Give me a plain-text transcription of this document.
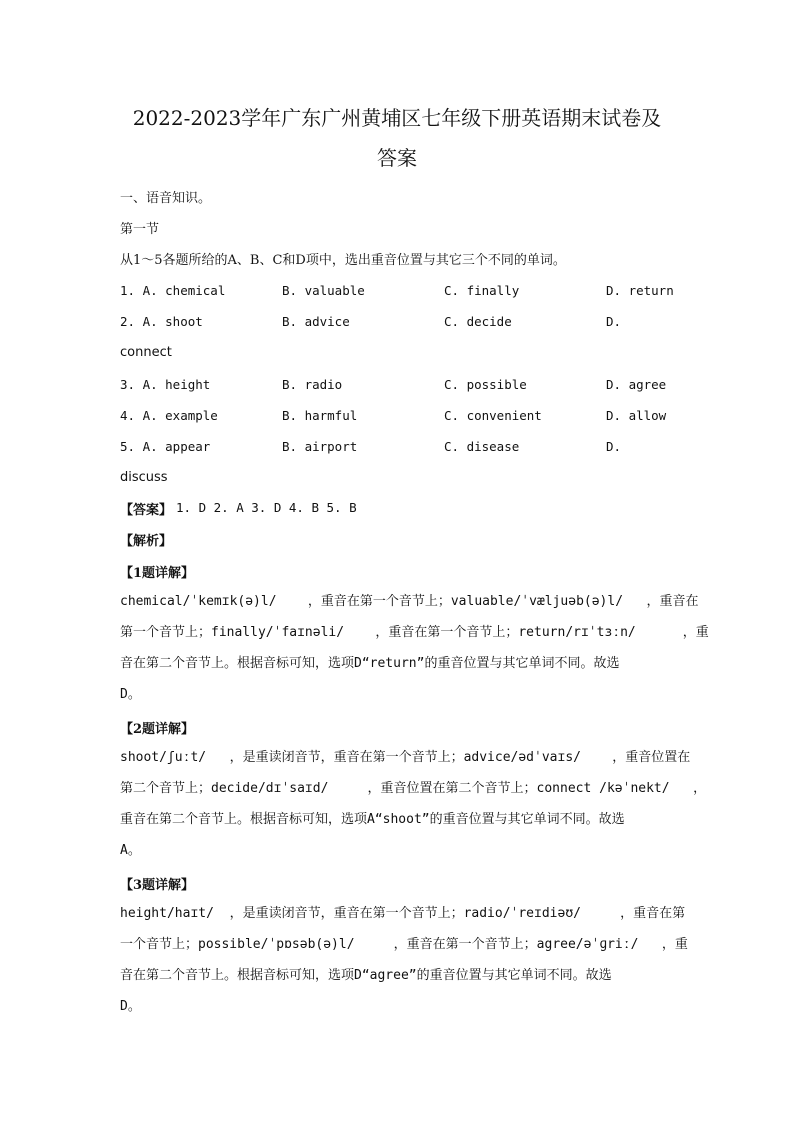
2022-2023学年广东广州黄埔区七年级下册英语期末试卷及
答案
一、语音知识。
第一节
从1～5各题所给的A、B、C和D项中，选出重音位置与其它三个不同的单词。
1. A. chemical	B. valuable	C. finally	D. return
2. A. shoot	B. advice	C. decide	D.
connect
3. A. height	B. radio	C. possible	D. agree
4. A. example	B. harmful	C. convenient	D. allow
5. A. appear	B. airport	C. disease	D.
discuss
【答案】 1. D 2. A 3. D 4. B 5. B
【解析】
【1题详解】
chemical/ˈkemɪk(ə)l/    ，重音在第一个音节上；valuable/ˈvæljuəb(ə)l/   ，重音在
第一个音节上；finally/ˈfaɪnəli/    ，重音在第一个音节上；return/rɪˈtɜːn/      ，重
音在第二个音节上。根据音标可知，选项D“return”的重音位置与其它单词不同。故选
D。
【2题详解】
shoot/ʃuːt/   ，是重读闭音节，重音在第一个音节上；advice/ədˈvaɪs/    ，重音位置在
第二个音节上；decide/dɪˈsaɪd/     ，重音位置在第二个音节上；connect /kəˈnekt/   ，
重音在第二个音节上。根据音标可知，选项A“shoot”的重音位置与其它单词不同。故选
A。
【3题详解】
height/haɪt/  ，是重读闭音节，重音在第一个音节上；radio/ˈreɪdiəʊ/     ，重音在第
一个音节上；possible/ˈpɒsəb(ə)l/     ，重音在第一个音节上；agree/əˈɡriː/   ，重
音在第二个音节上。根据音标可知，选项D“agree”的重音位置与其它单词不同。故选
D。
